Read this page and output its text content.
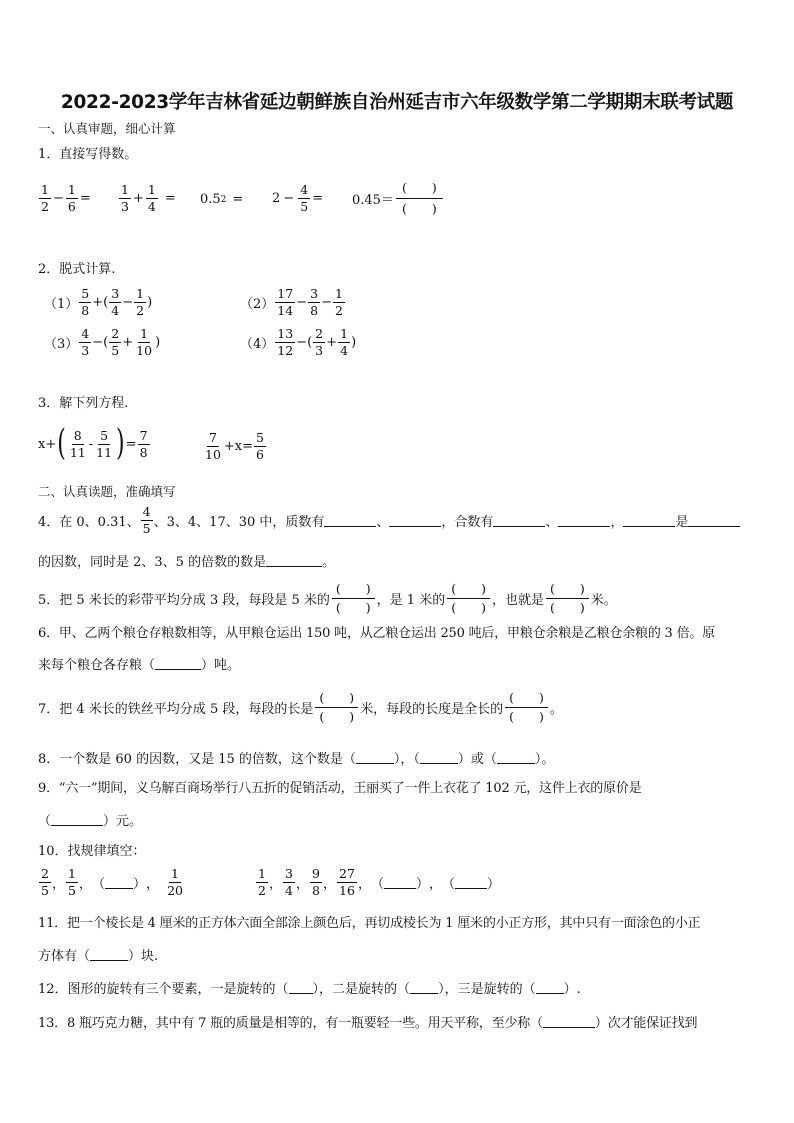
2022-2023学年吉林省延边朝鲜族自治州延吉市六年级数学第二学期期末联考试题
一、认真审题，细心计算
1．直接写得数。
$\frac{1}{2} - \frac{1}{6} = \frac{1}{3} + \frac{1}{4} = 0.5$ $2 = 2 - \frac{4}{5} = 0.45= \frac{( )}{( )}$
2．脱式计算.
$(1) \frac{5}{8}$ +( $\frac{3}{4} - \frac{1}{2}$ )	$(2) \frac{17}{14} - \frac{3}{8} - \frac{1}{2}$
$(3) \frac{4}{3}$ −( $\frac{2}{5} + \frac{1}{10}$ )	$(4) \frac{13}{12}$ −( $\frac{2}{3} + \frac{1}{4}$ )
3．解下列方程.
x+ ( $\frac{8}{11} - \frac{5}{11}$ ) = $\frac{7}{8}$	$\frac{7}{10} +x= \frac{5}{6}$
二、认真读题，准确填写
4．在 0、0.31、 $\frac{4}{5}$ 、3、4、17、30 中，质数有	、	，合数有	、	，	是
的因数，同时是 2、3、5 的倍数的数是	。
5．把 5 米长的彩带平均分成 3 段，每段是 5 米的 $\frac{( )}{( )}$ ，是 1 米的 $\frac{( )}{( )}$ ，也就是 $\frac{( )}{( )}$ 米。
6．甲、乙两个粮仓存粮数相等，从甲粮仓运出 150 吨，从乙粮仓运出 250 吨后，甲粮仓余粮是乙粮仓余粮的 3 倍。原
来每个粮仓各存粮（	）吨。
7．把 4 米长的铁丝平均分成 5 段，每段的长是 $\frac{( )}{( )}$ 米，每段的长度是全长的 $\frac{( )}{( )}$ 。
8．一个数是 60 的因数，又是 15 的倍数，这个数是（	），（	）或（	）。
9．“六一”期间，义乌解百商场举行八五折的促销活动，王丽买了一件上衣花了 102 元，这件上衣的原价是
（	）元。
10．找规律填空：
$\frac{2}{5}$ ， $\frac{1}{5}$ ， （ ） ， $\frac{1}{20}$	$\frac{1}{2}$ ， $\frac{3}{4}$ ， $\frac{9}{8}$ ， $\frac{27}{16}$ ， （ ） ， （ ）
11．把一个棱长是 4 厘米的正方体六面全部涂上颜色后，再切成棱长为 1 厘米的小正方形，其中只有一面涂色的小正
方体有（	）块.
12．图形的旋转有三个要素，一是旋转的（ ），二是旋转的（ ），三是旋转的（ ）.
13．8 瓶巧克力糖，其中有 7 瓶的质量是相等的，有一瓶要轻一些。用天平称，至少称（	）次才能保证找到
